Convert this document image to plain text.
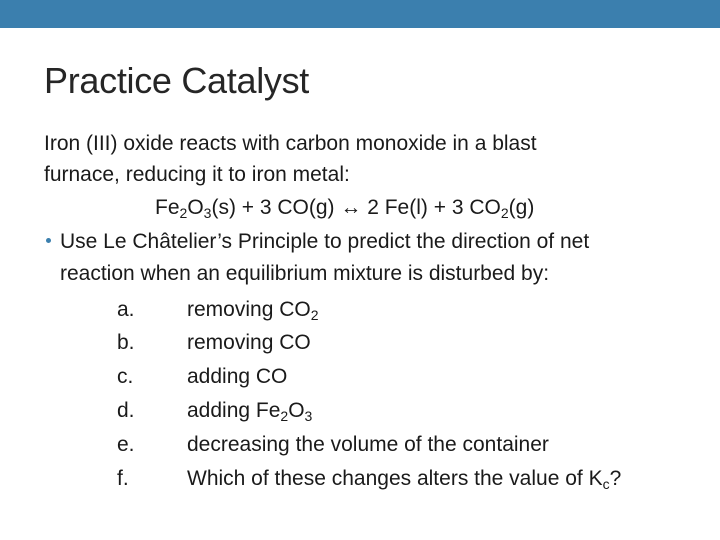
Practice Catalyst
Iron (III) oxide reacts with carbon monoxide in a blast
furnace, reducing it to iron metal:
$Fe_2O_3(s) + 3$ CO(g) ↔ 2 Fe(l) + 3 $CO_2(g)$
Use Le Châtelier’s Principle to predict the direction of net
reaction when an equilibrium mixture is disturbed by:
a. removing $CO_2$
b. removing CO
c.	adding CO
d. adding $Fe_2O_3$
e. decreasing the volume of the container
f.	Which of these changes alters the value of $K_c$?
